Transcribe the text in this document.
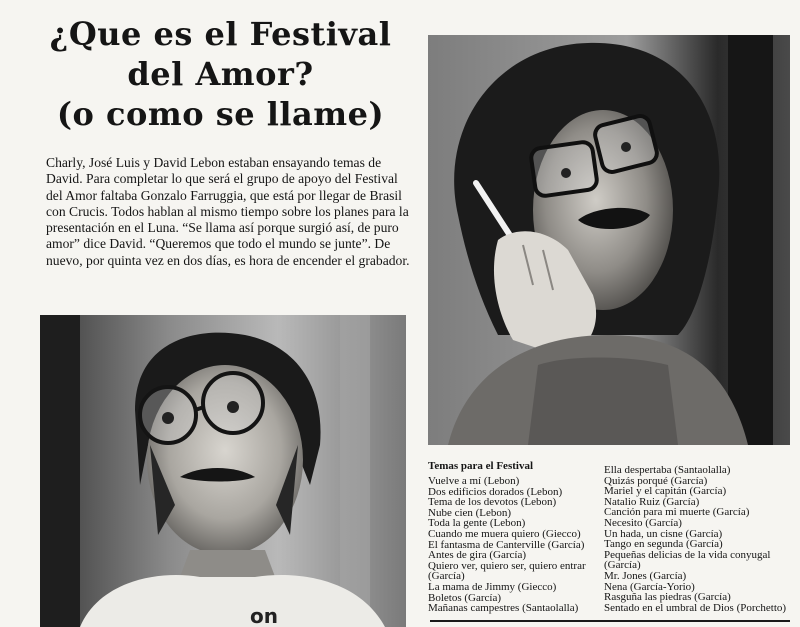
¿Que es el Festival
del Amor?
(o como se llame)

Charly, José Luis y David Lebon estaban ensayando temas de David. Para completar lo que será el grupo de apoyo del Festival del Amor faltaba Gonzalo Farruggia, que está por llegar de Brasil con Crucis. Todos hablan al mismo tiempo sobre los planes para la presentación en el Luna. “Se llama así porque surgió así, de puro amor” dice David. “Queremos que todo el mundo se junte”. De nuevo, por quinta vez en dos días, es hora de encender el grabador.

on
Temas para el Festival
Vuelve a mí (Lebon)
Dos edificios dorados (Lebon)
Tema de los devotos (Lebon)
Nube cien (Lebon)
Toda la gente (Lebon)
Cuando me muera quiero (Giecco)
El fantasma de Canterville (García)
Antes de gira (García)
Quiero ver, quiero ser, quiero entrar (García)
La mama de Jimmy (Giecco)
Boletos (García)
Mañanas campestres (Santaolalla)
Ella despertaba (Santaolalla)
Quizás porqué (García)
Mariel y el capitán (García)
Natalio Ruiz (García)
Canción para mi muerte (García)
Necesito (García)
Un hada, un cisne (García)
Tango en segunda (García)
Pequeñas delicias de la vida conyugal (García)
Mr. Jones (García)
Nena (García-Yorio)
Rasguña las piedras (García)
Sentado en el umbral de Dios (Porchetto)
